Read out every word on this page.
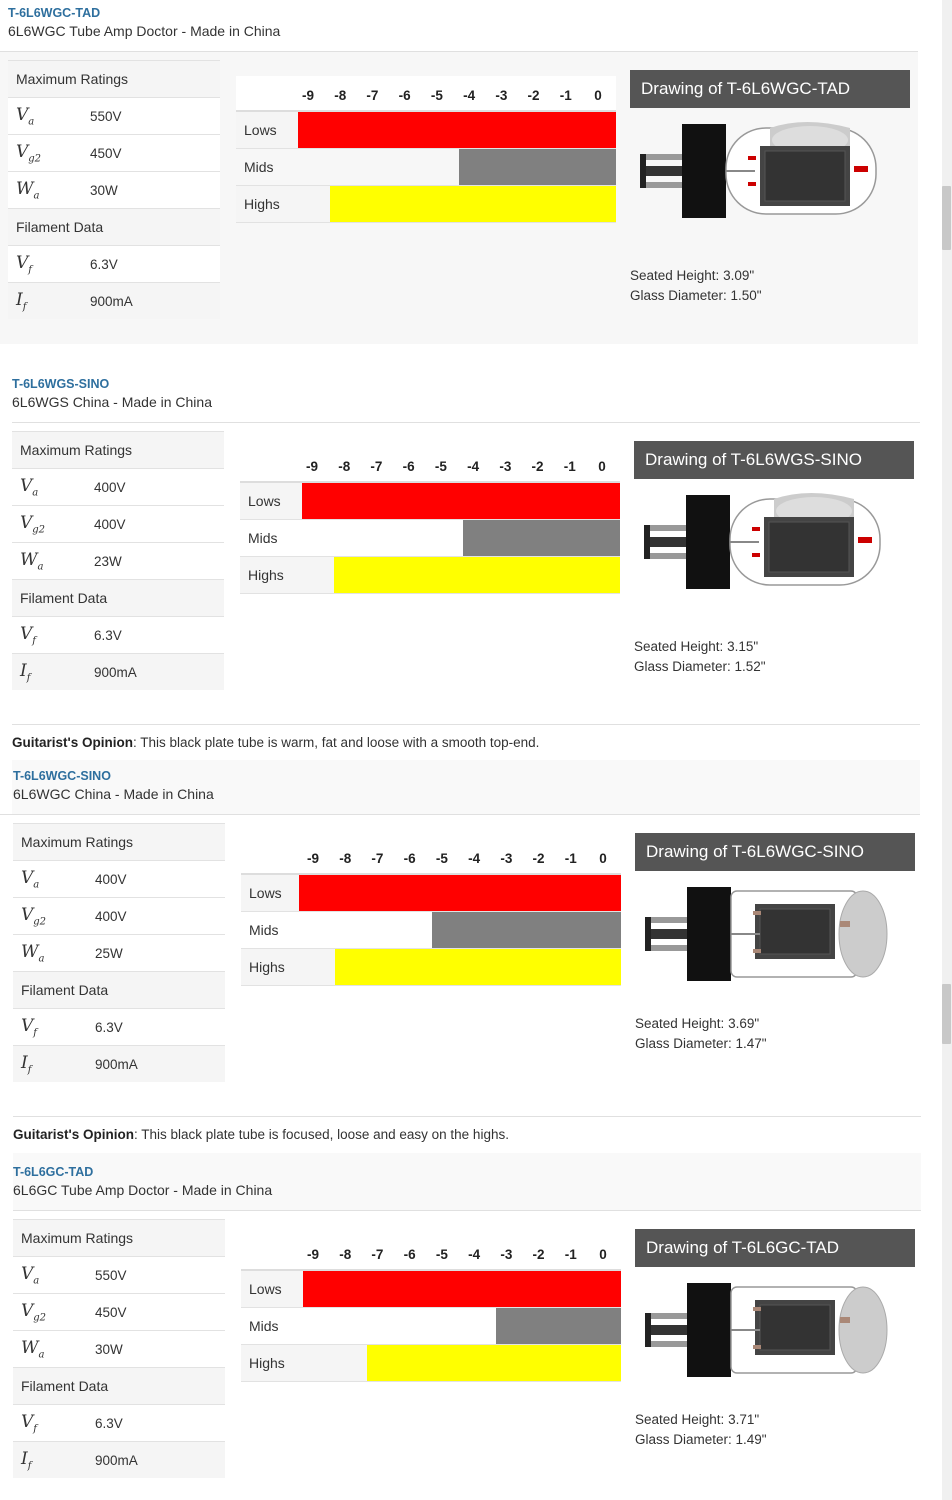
T-6L6WGC-TAD
6L6WGC Tube Amp Doctor - Made in China
Maximum Ratings
$V_a$	550V
$V_{g2}$	450V
$W_a$	30W
Filament Data
$V_f$	6.3V
$I_f$	900mA
-9 -8 -7 -6 -5 -4 -3 -2 -1 0
Lows
Mids
Highs
Drawing of T-6L6WGC-TAD
Seated Height: 3.09"
Glass Diameter: 1.50"
T-6L6WGS-SINO
6L6WGS China - Made in China
Maximum Ratings
$V_a$	400V
$V_{g2}$	400V
$W_a$	23W
Filament Data
$V_f$	6.3V
$I_f$	900mA
-9 -8 -7 -6 -5 -4 -3 -2 -1 0
Lows
Mids
Highs
Drawing of T-6L6WGS-SINO
Seated Height: 3.15"
Glass Diameter: 1.52"
Guitarist's Opinion: This black plate tube is warm, fat and loose with a smooth top-end.
T-6L6WGC-SINO
6L6WGC China - Made in China
Maximum Ratings
$V_a$	400V
$V_{g2}$	400V
$W_a$	25W
Filament Data
$V_f$	6.3V
$I_f$	900mA
-9 -8 -7 -6 -5 -4 -3 -2 -1 0
Lows
Mids
Highs
Drawing of T-6L6WGC-SINO
Seated Height: 3.69"
Glass Diameter: 1.47"
Guitarist's Opinion: This black plate tube is focused, loose and easy on the highs.
T-6L6GC-TAD
6L6GC Tube Amp Doctor - Made in China
Maximum Ratings
$V_a$	550V
$V_{g2}$	450V
$W_a$	30W
Filament Data
$V_f$	6.3V
$I_f$	900mA
-9 -8 -7 -6 -5 -4 -3 -2 -1 0
Lows
Mids
Highs
Drawing of T-6L6GC-TAD
Seated Height: 3.71"
Glass Diameter: 1.49"
